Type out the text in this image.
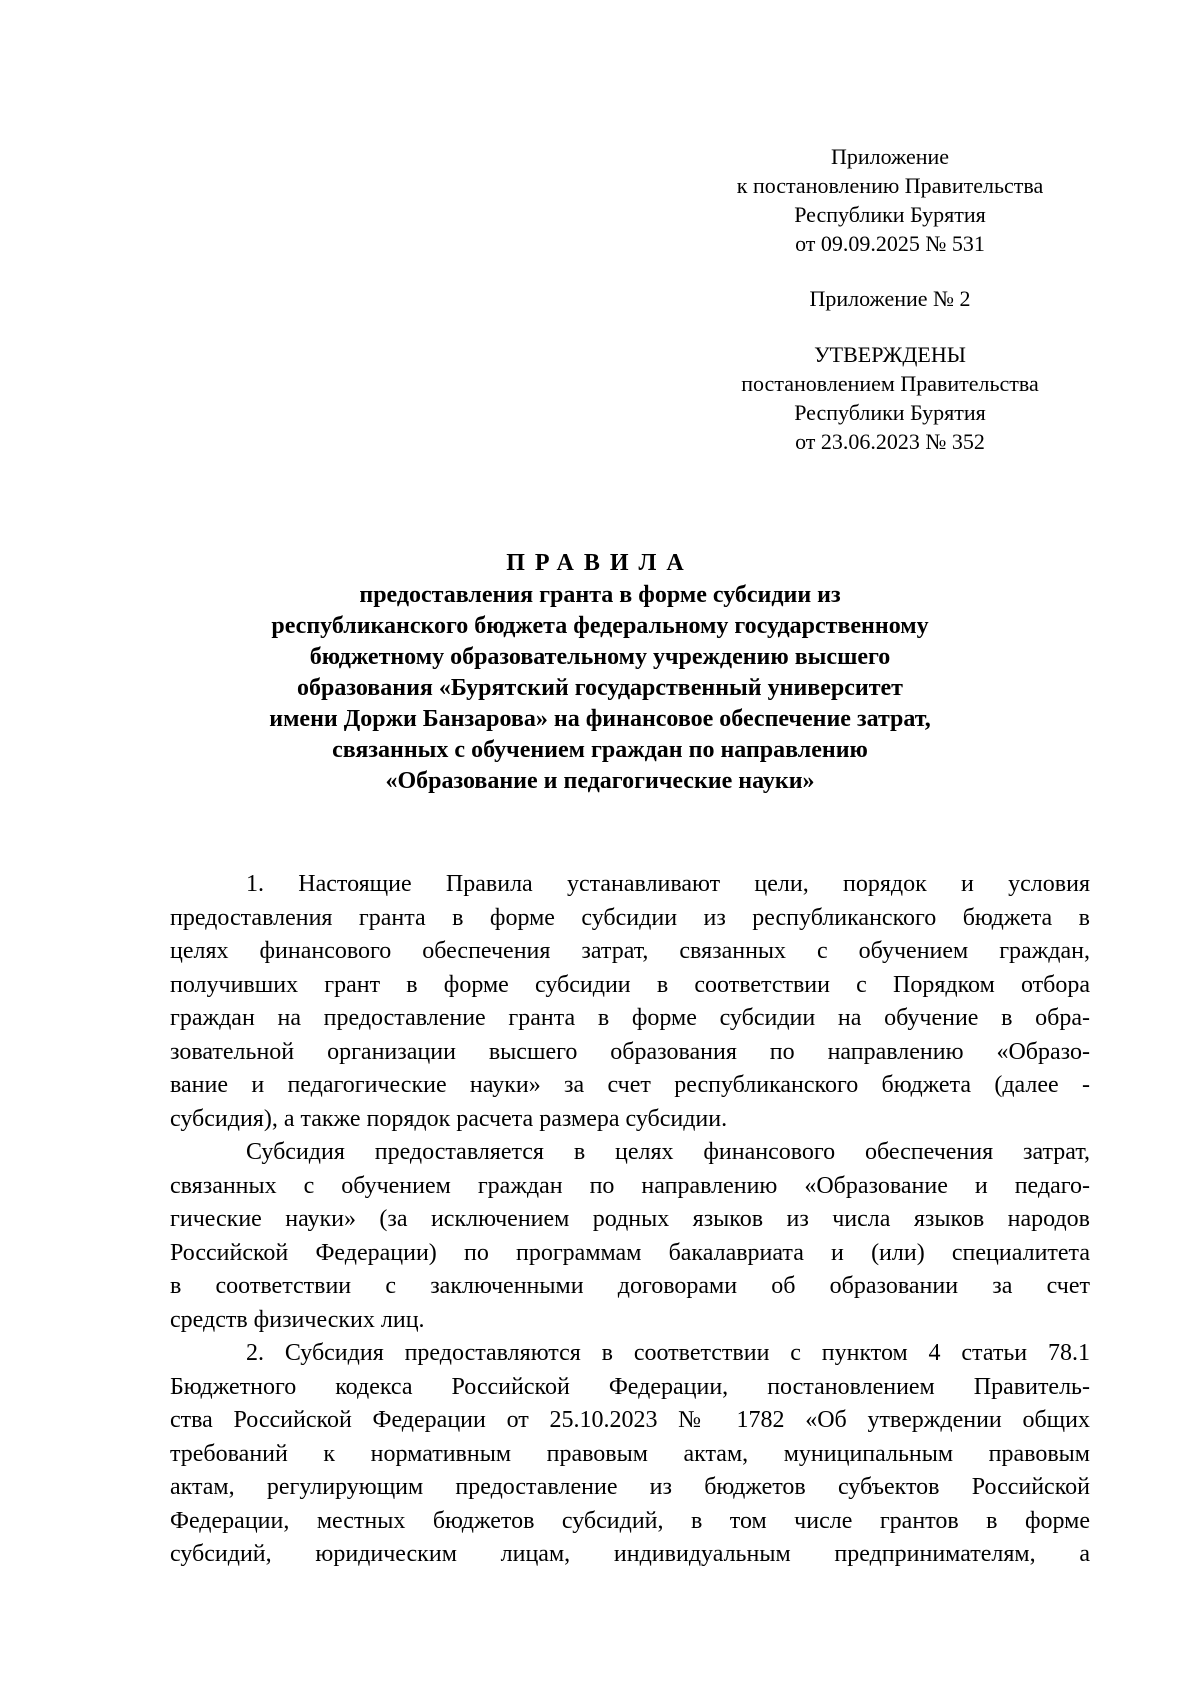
Приложение
к постановлению Правительства
Республики Бурятия
от 09.09.2025 № 531
Приложение № 2
УТВЕРЖДЕНЫ
постановлением Правительства
Республики Бурятия
от 23.06.2023 № 352
ПРАВИЛА
предоставления гранта в форме субсидии из
республиканского бюджета федеральному государственному
бюджетному образовательному учреждению высшего
образования «Бурятский государственный университет
имени Доржи Банзарова» на финансовое обеспечение затрат,
связанных с обучением граждан по направлению
«Образование и педагогические науки»
1. Настоящие Правила устанавливают цели, порядок и условия
предоставления гранта в форме субсидии из республиканского бюджета в
целях финансового обеспечения затрат, связанных с обучением граждан,
получивших грант в форме субсидии в соответствии с Порядком отбора
граждан на предоставление гранта в форме субсидии на обучение в обра-
зовательной организации высшего образования по направлению «Образо-
вание и педагогические науки» за счет республиканского бюджета (далее -
субсидия), а также порядок расчета размера субсидии.
Субсидия предоставляется в целях финансового обеспечения затрат,
связанных с обучением граждан по направлению «Образование и педаго-
гические науки» (за исключением родных языков из числа языков народов
Российской Федерации) по программам бакалавриата и (или) специалитета
в соответствии с заключенными договорами об образовании за счет
средств физических лиц.
2. Субсидия предоставляются в соответствии с пунктом 4 статьи 78.1
Бюджетного кодекса Российской Федерации, постановлением Правитель-
ства Российской Федерации от 25.10.2023 № 1782 «Об утверждении общих
требований к нормативным правовым актам, муниципальным правовым
актам, регулирующим предоставление из бюджетов субъектов Российской
Федерации, местных бюджетов субсидий, в том числе грантов в форме
субсидий, юридическим лицам, индивидуальным предпринимателям, а
